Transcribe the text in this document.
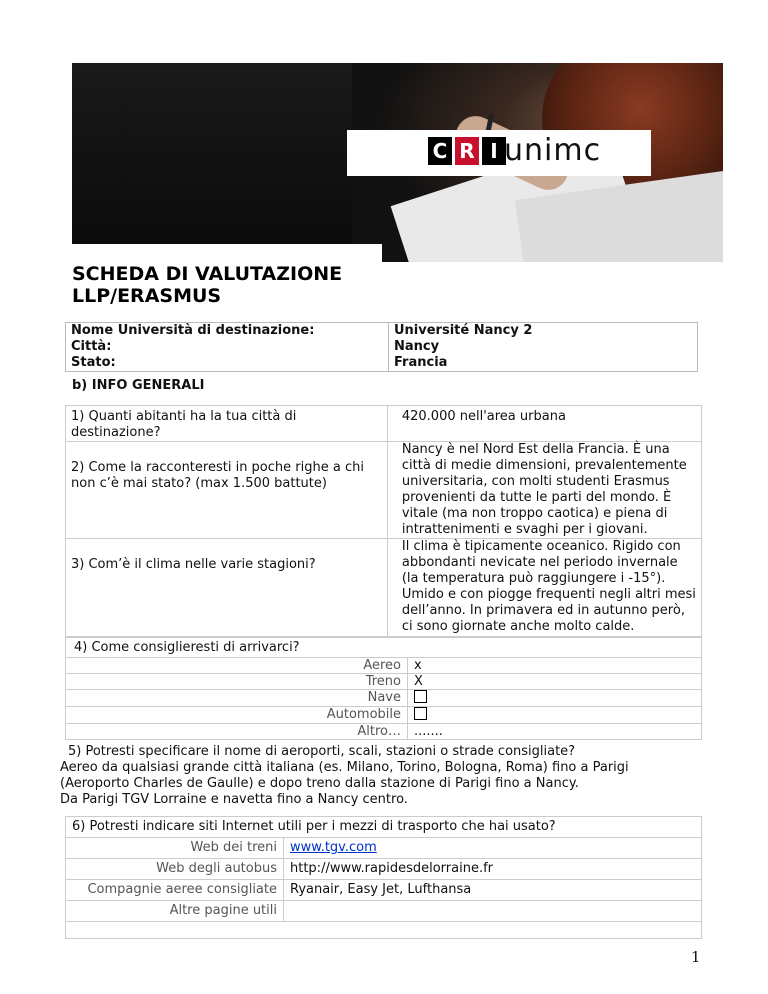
C R I unimc
SCHEDA DI VALUTAZIONE
LLP/ERASMUS
Nome Università di destinazione:	Université Nancy 2
Città:	Nancy
Stato:	Francia
b) INFO GENERALI
1) Quanti abitanti ha la tua città di destinazione?	420.000 nell'area urbana
2) Come la racconteresti in poche righe a chi non c’è mai stato? (max 1.500 battute)	Nancy è nel Nord Est della Francia. È una città di medie dimensioni, prevalentemente universitaria, con molti studenti Erasmus provenienti da tutte le parti del mondo. È vitale (ma non troppo caotica) e piena di intrattenimenti e svaghi per i giovani.
3) Com’è il clima nelle varie stagioni?	Il clima è tipicamente oceanico. Rigido con abbondanti nevicate nel periodo invernale (la temperatura può raggiungere i -15°). Umido e con piogge frequenti negli altri mesi dell’anno. In primavera ed in autunno però, ci sono giornate anche molto calde.
4) Come consiglieresti di arrivarci?	
Aereo	x
Treno	X
Nave	
Automobile	
Altro…	.......
5) Potresti specificare il nome di aeroporti, scali, stazioni o strade consigliate?
Aereo da qualsiasi grande città italiana (es. Milano, Torino, Bologna, Roma) fino a Parigi
(Aeroporto Charles de Gaulle) e dopo treno dalla stazione di Parigi fino a Nancy.
Da Parigi TGV Lorraine e navetta fino a Nancy centro.
6) Potresti indicare siti Internet utili per i mezzi di trasporto che hai usato?	
Web dei treni	www.tgv.com
Web degli autobus	http://www.rapidesdelorraine.fr
Compagnie aeree consigliate	Ryanair, Easy Jet, Lufthansa
Altre pagine utili	

1
